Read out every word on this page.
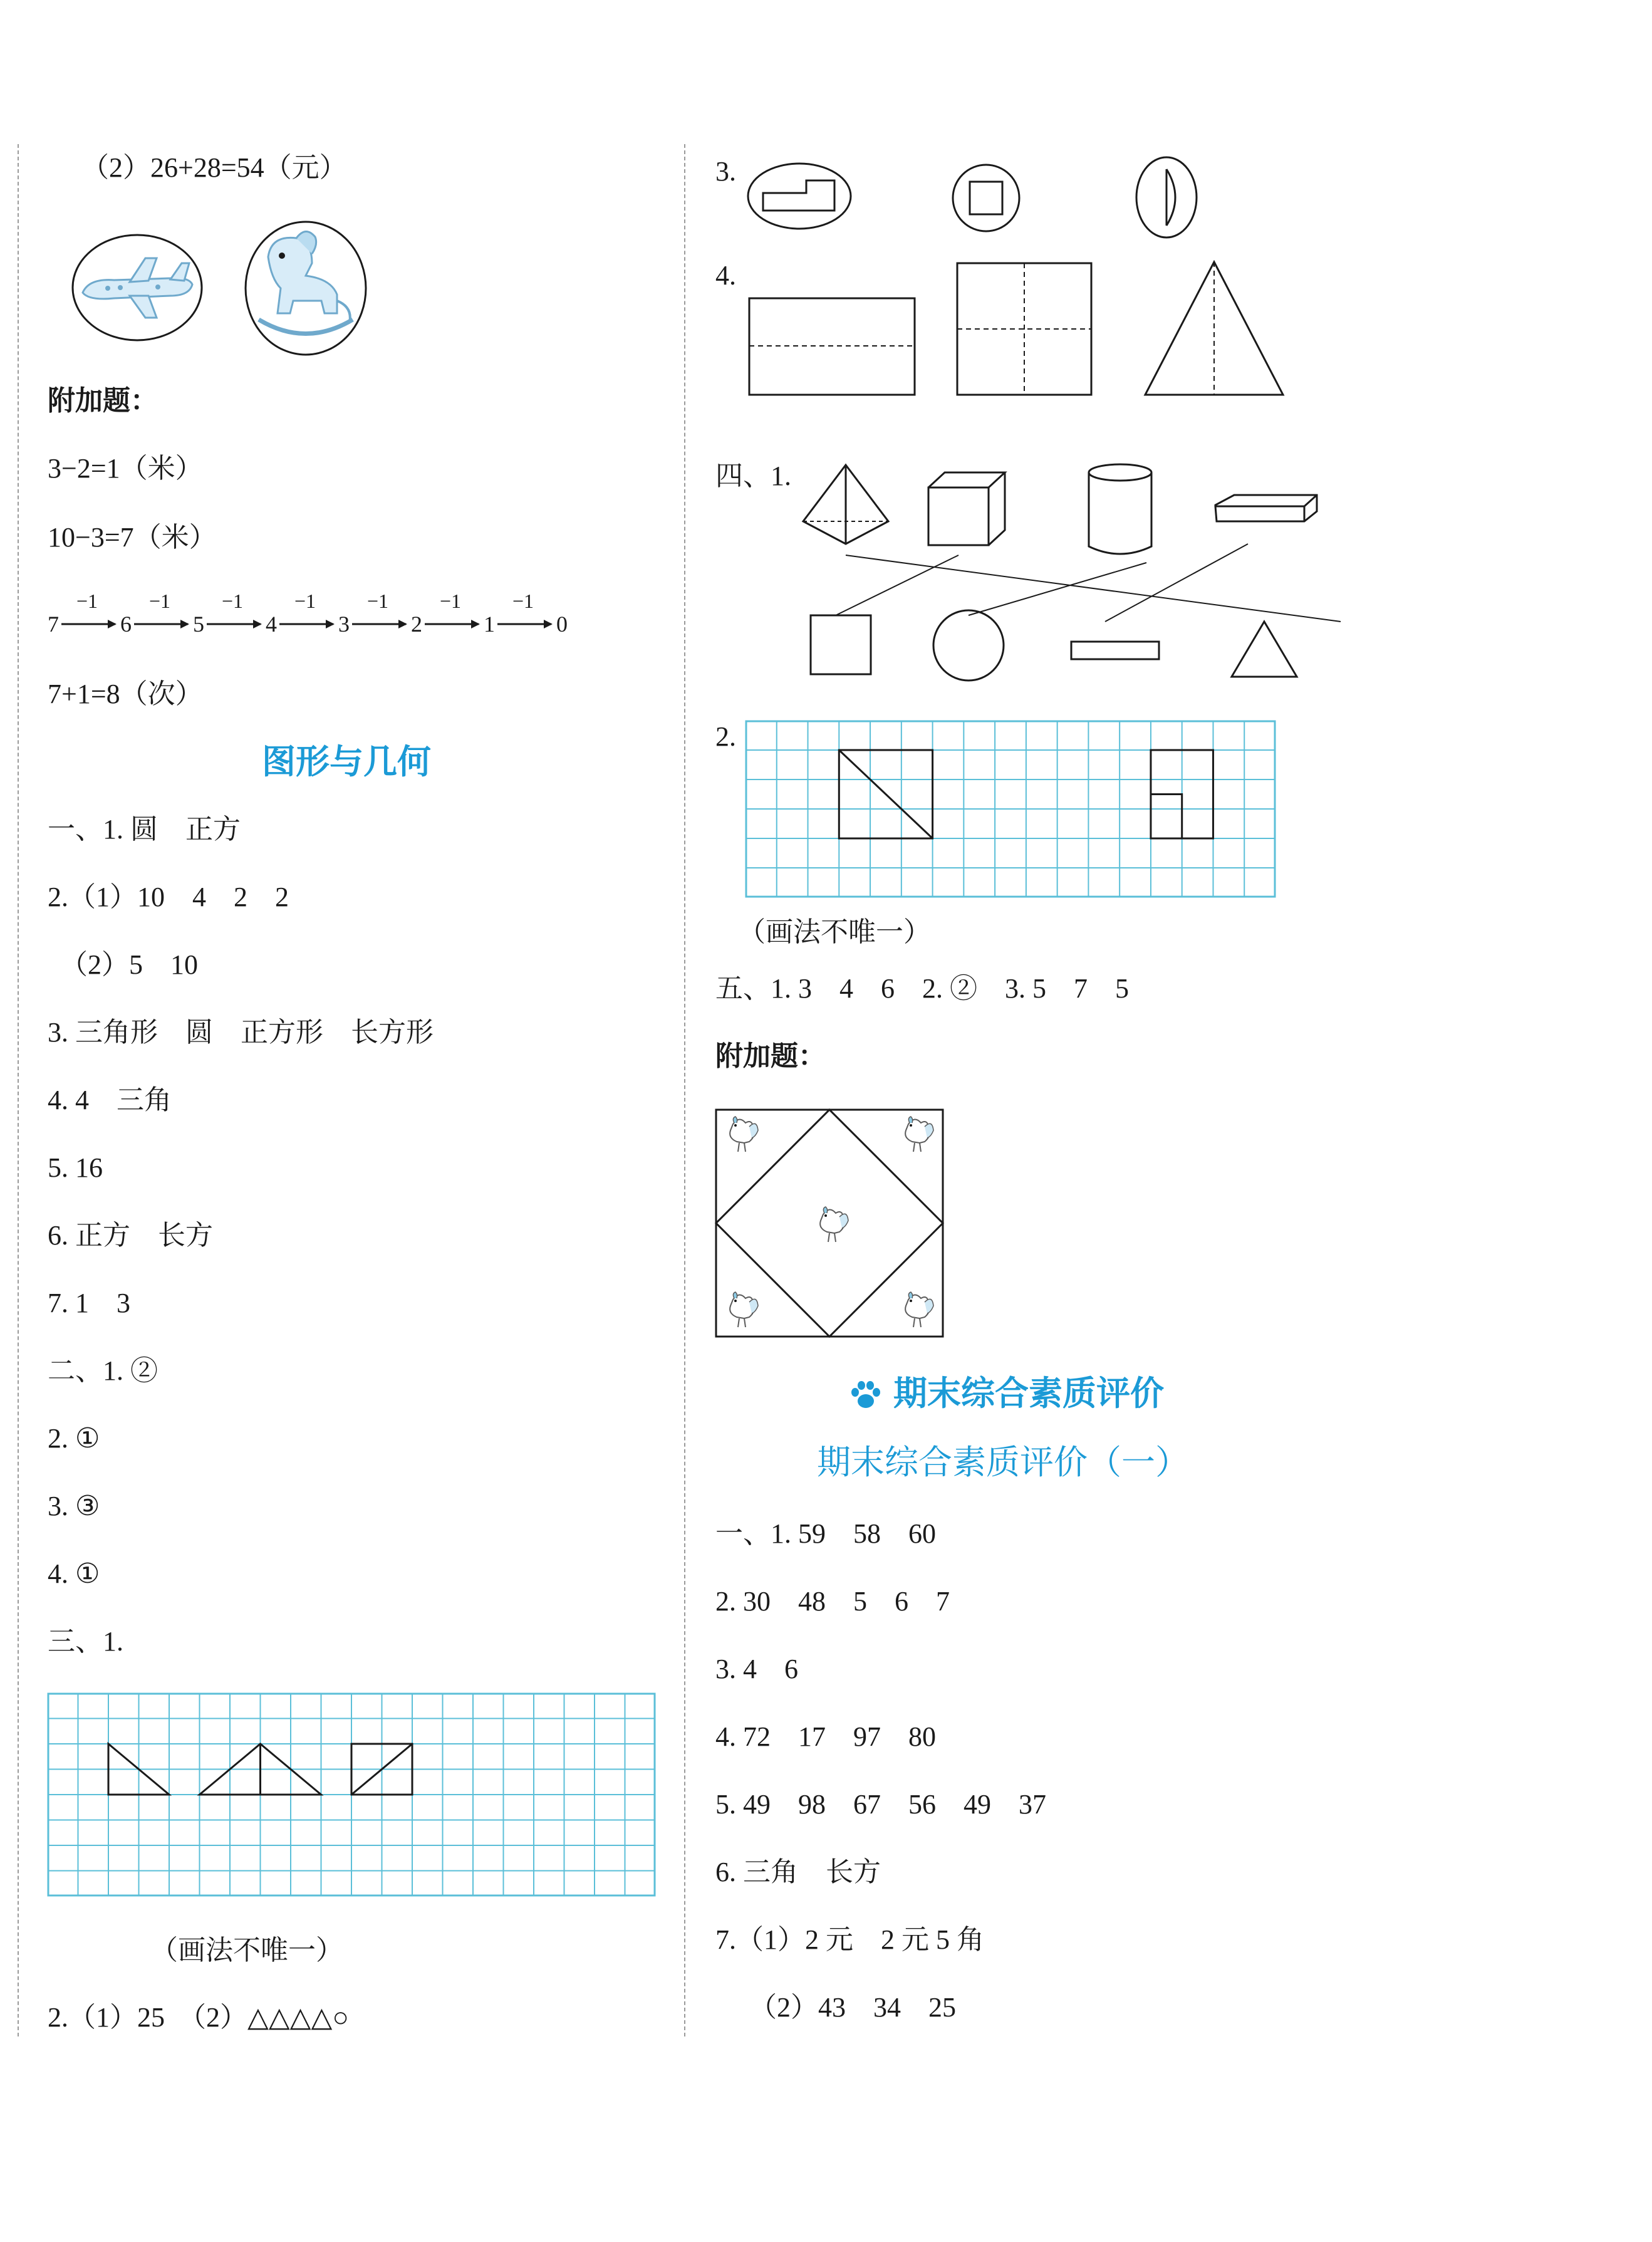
（2）26+28=54（元）
附加题：
3−2=1（米）
10−3=7（米）
7
−1
6
−1
5
−1
4
−1
3
−1
2
−1
1
−1
0
7+1=8（次）
图形与几何
一、1. 圆　正方
2.（1）10　4　2　2
（2）5　10
3. 三角形　圆　正方形　长方形
4. 4　三角
5. 16
6. 正方　长方
7. 1　3
二、1. ②
2. ①
3. ③
4. ①
三、1.
（画法不唯一）
2.（1）25　（2）△△△△○
3.
4.
四、1.
2.
（画法不唯一）
五、1. 3　4　6　2. ②　3. 5　7　5
附加题：
期末综合素质评价
期末综合素质评价（一）
一、1. 59　58　60
2. 30　48　5　6　7
3. 4　6
4. 72　17　97　80
5. 49　98　67　56　49　37
6. 三角　长方
7.（1）2 元　2 元 5 角
（2）43　34　25
